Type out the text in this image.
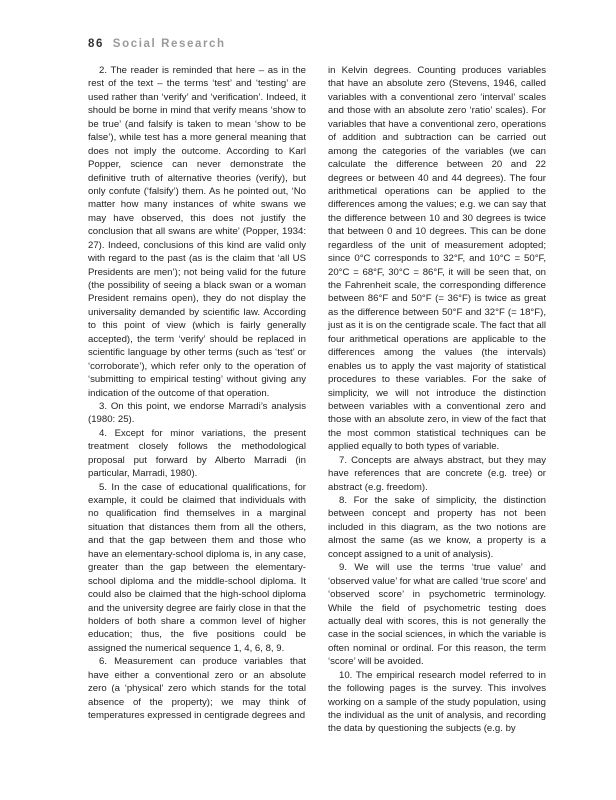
86 Social Research

2. The reader is reminded that here – as in the rest of the text – the terms ‘test’ and ‘testing’ are used rather than ‘verify’ and ‘verification’. Indeed, it should be borne in mind that verify means ‘show to be true’ (and falsify is taken to mean ‘show to be false’), while test has a more general meaning that does not imply the outcome. According to Karl Popper, science can never demonstrate the definitive truth of alternative theories (verify), but only confute (‘falsify’) them. As he pointed out, ‘No matter how many instances of white swans we may have observed, this does not justify the conclusion that all swans are white’ (Popper, 1934: 27). Indeed, conclusions of this kind are valid only with regard to the past (as is the claim that ‘all US Presidents are men’); not being valid for the future (the possibility of seeing a black swan or a woman President remains open), they do not display the universality demanded by scientific law. According to this point of view (which is fairly generally accepted), the term ‘verify’ should be replaced in scientific language by other terms (such as ‘test’ or ‘corroborate’), which refer only to the operation of ‘submitting to empirical testing’ without giving any indication of the outcome of that operation.

3. On this point, we endorse Marradi’s analysis (1980: 25).

4. Except for minor variations, the present treatment closely follows the methodological proposal put forward by Alberto Marradi (in particular, Marradi, 1980).

5. In the case of educational qualifications, for example, it could be claimed that individuals with no qualification find themselves in a marginal situation that distances them from all the others, and that the gap between them and those who have an elementary-school diploma is, in any case, greater than the gap between the elementary-school diploma and the middle-school diploma. It could also be claimed that the high-school diploma and the university degree are fairly close in that the holders of both share a common level of higher education; thus, the five positions could be assigned the numerical sequence 1, 4, 6, 8, 9.

6. Measurement can produce variables that have either a conventional zero or an absolute zero (a ‘physical’ zero which stands for the total absence of the property); we may think of temperatures expressed in centigrade degrees and

in Kelvin degrees. Counting produces variables that have an absolute zero (Stevens, 1946, called variables with a conventional zero ‘interval’ scales and those with an absolute zero ‘ratio’ scales). For variables that have a conventional zero, operations of addition and subtraction can be carried out among the categories of the variables (we can calculate the difference between 20 and 22 degrees or between 40 and 44 degrees). The four arithmetical operations can be applied to the differences among the values; e.g. we can say that the difference between 10 and 30 degrees is twice that between 0 and 10 degrees. This can be done regardless of the unit of measurement adopted; since 0°C corresponds to 32°F, and 10°C = 50°F, 20°C = 68°F, 30°C = 86°F, it will be seen that, on the Fahrenheit scale, the corresponding difference between 86°F and 50°F (= 36°F) is twice as great as the difference between 50°F and 32°F (= 18°F), just as it is on the centigrade scale. The fact that all four arithmetical operations are applicable to the differences among the values (the intervals) enables us to apply the vast majority of statistical procedures to these variables. For the sake of simplicity, we will not introduce the distinction between variables with a conventional zero and those with an absolute zero, in view of the fact that the most common statistical techniques can be applied equally to both types of variable.

7. Concepts are always abstract, but they may have references that are concrete (e.g. tree) or abstract (e.g. freedom).

8. For the sake of simplicity, the distinction between concept and property has not been included in this diagram, as the two notions are almost the same (as we know, a property is a concept assigned to a unit of analysis).

9. We will use the terms ‘true value’ and ‘observed value’ for what are called ‘true score’ and ‘observed score’ in psychometric terminology. While the field of psychometric testing does actually deal with scores, this is not generally the case in the social sciences, in which the variable is often nominal or ordinal. For this reason, the term ‘score’ will be avoided.

10. The empirical research model referred to in the following pages is the survey. This involves working on a sample of the study population, using the individual as the unit of analysis, and recording the data by questioning the subjects (e.g. by
